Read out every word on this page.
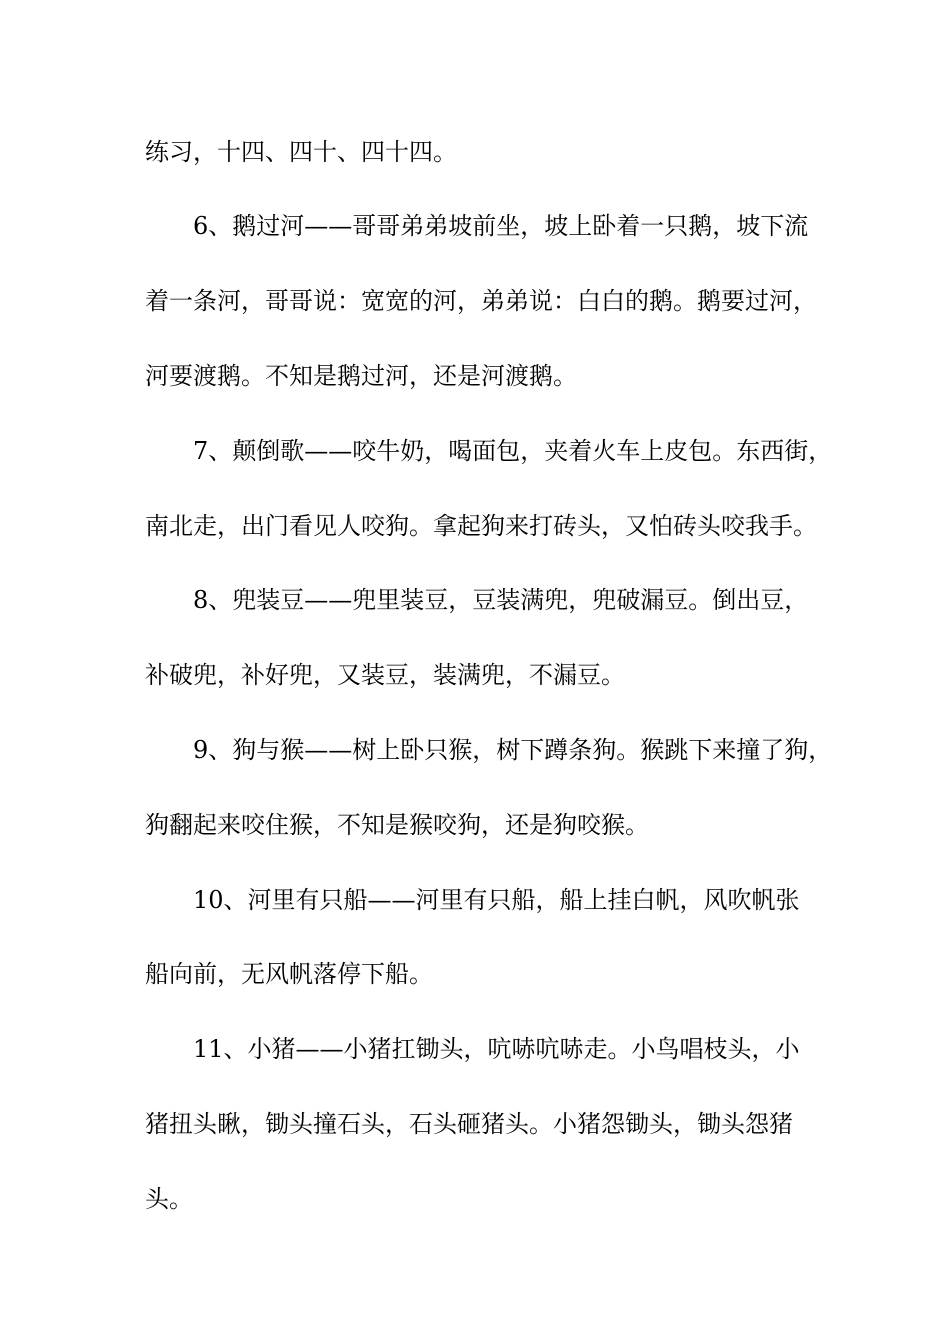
练习，十四、四十、四十四。
6、鹅过河——哥哥弟弟坡前坐，坡上卧着一只鹅，坡下流
着一条河，哥哥说：宽宽的河，弟弟说：白白的鹅。鹅要过河，
河要渡鹅。不知是鹅过河，还是河渡鹅。
7、颠倒歌——咬牛奶，喝面包，夹着火车上皮包。东西街，
南北走，出门看见人咬狗。拿起狗来打砖头，又怕砖头咬我手。
8、兜装豆——兜里装豆，豆装满兜，兜破漏豆。倒出豆，
补破兜，补好兜，又装豆，装满兜，不漏豆。
9、狗与猴——树上卧只猴，树下蹲条狗。猴跳下来撞了狗，
狗翻起来咬住猴，不知是猴咬狗，还是狗咬猴。
10、河里有只船——河里有只船，船上挂白帆，风吹帆张
船向前，无风帆落停下船。
11、小猪——小猪扛锄头，吭哧吭哧走。小鸟唱枝头，小
猪扭头瞅，锄头撞石头，石头砸猪头。小猪怨锄头，锄头怨猪
头。
